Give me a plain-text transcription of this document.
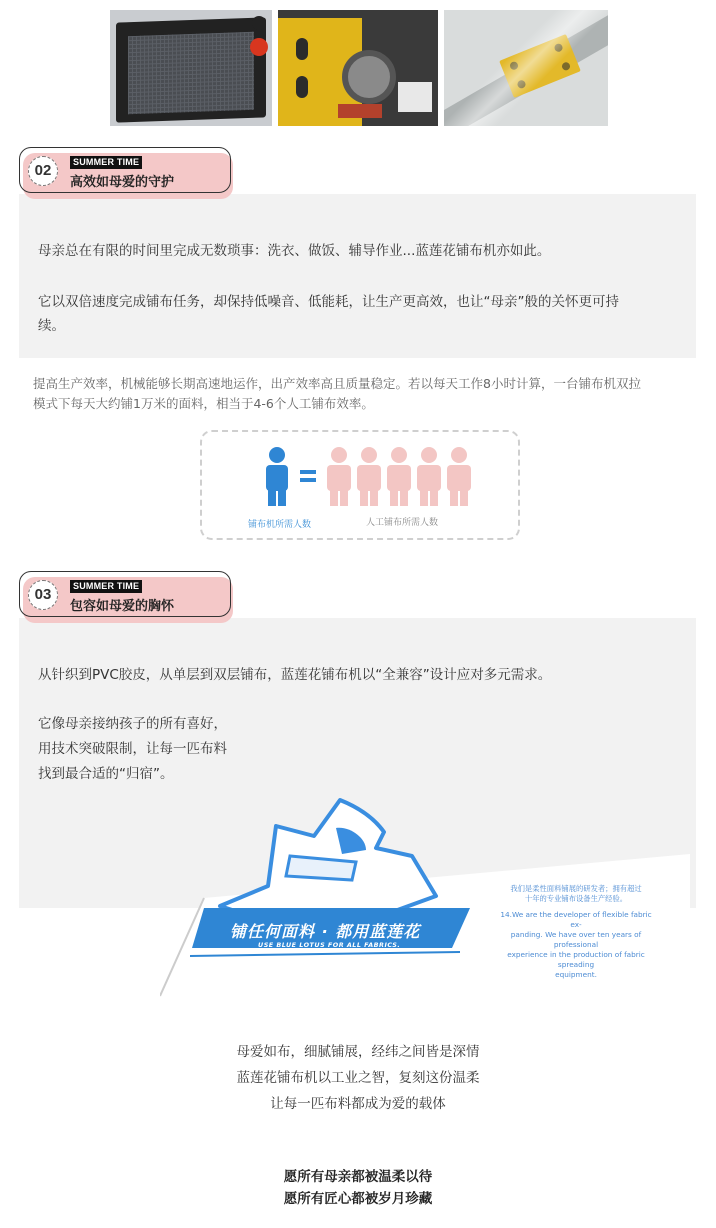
02	SUMMER TIME
高效如母爱的守护
母亲总在有限的时间里完成无数琐事：洗衣、做饭、辅导作业...蓝莲花铺布机亦如此。
它以双倍速度完成铺布任务，却保持低噪音、低能耗，让生产更高效，也让“母亲”般的关怀更可持
续。
提高生产效率，机械能够长期高速地运作，出产效率高且质量稳定。若以每天工作8小时计算，一台铺布机双拉
模式下每天大约铺1万米的面料，相当于4-6个人工铺布效率。
铺布机所需人数	人工铺布所需人数
03	SUMMER TIME
包容如母爱的胸怀
从针织到PVC胶皮，从单层到双层铺布，蓝莲花铺布机以“全兼容”设计应对多元需求。
它像母亲接纳孩子的所有喜好，
用技术突破限制，让每一匹布料
找到最合适的“归宿”。
铺任何面料 · 都用蓝莲花
USE BLUE LOTUS FOR ALL FABRICS.
我们是柔性面料铺展的研发者；拥有超过
十年的专业铺布设备生产经验。
14.We are the developer of flexible fabric ex-
panding. We have over ten years of professional
experience in the production of fabric spreading
equipment.
母爱如布，细腻铺展，经纬之间皆是深情
蓝莲花铺布机以工业之智，复刻这份温柔
让每一匹布料都成为爱的载体
愿所有母亲都被温柔以待
愿所有匠心都被岁月珍藏
